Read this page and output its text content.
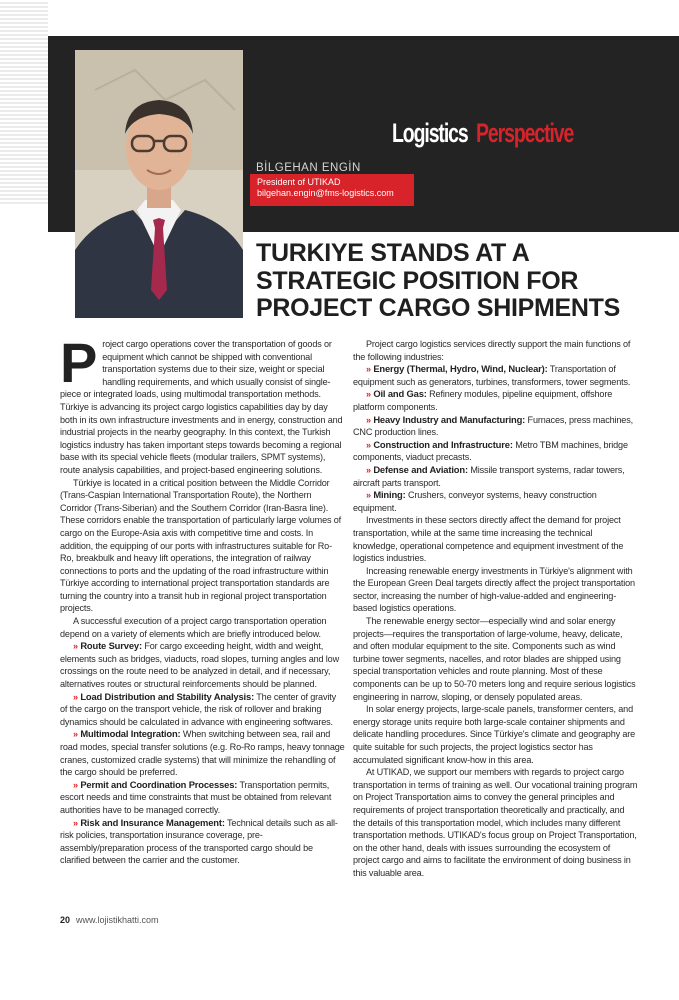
Logistics Perspective
BİLGEHAN ENGİN
President of UTIKAD
bilgehan.engin@fms-logistics.com
TURKIYE STANDS AT A STRATEGIC POSITION FOR PROJECT CARGO SHIPMENTS

Project cargo operations cover the transportation of goods or equipment which cannot be shipped with conventional transportation systems due to their size, weight or special handling requirements, and which usually consist of single-piece or integrated loads, using multimodal transportation methods. Türkiye is advancing its project cargo logistics capabilities day by day both in its own infrastructure investments and in energy, construction and industrial projects in the nearby geography. In this context, the Turkish logistics industry has taken important steps towards becoming a regional base with its special vehicle fleets (modular trailers, SPMT systems), route analysis capabilities, and project-based engineering solutions.

Türkiye is located in a critical position between the Middle Corridor (Trans-Caspian International Transportation Route), the Northern Corridor (Trans-Siberian) and the Southern Corridor (Iran-Basra line). These corridors enable the transportation of particularly large volumes of cargo on the Europe-Asia axis with competitive time and costs. In addition, the equipping of our ports with infrastructures suitable for Ro-Ro, breakbulk and heavy lift operations, the integration of railway connections to ports and the updating of the road infrastructure within Türkiye according to international project transportation standards are turning the country into a transit hub in regional project transportation projects.

A successful execution of a project cargo transportation operation depend on a variety of elements which are briefly introduced below.

» Route Survey: For cargo exceeding height, width and weight, elements such as bridges, viaducts, road slopes, turning angles and low crossings on the route need to be analyzed in detail, and if necessary, alternatives routes or structural reinforcements should be planned.

» Load Distribution and Stability Analysis: The center of gravity of the cargo on the transport vehicle, the risk of rollover and braking dynamics should be calculated in advance with engineering softwares.

» Multimodal Integration: When switching between sea, rail and road modes, special transfer solutions (e.g. Ro-Ro ramps, heavy tonnage cranes, customized cradle systems) that will minimize the rehandling of the cargo should be preferred.

» Permit and Coordination Processes: Transportation permits, escort needs and time constraints that must be obtained from relevant authorities have to be managed correctly.

» Risk and Insurance Management: Technical details such as all-risk policies, transportation insurance coverage, pre-assembly/preparation process of the transported cargo should be clarified between the carrier and the customer.

Project cargo logistics services directly support the main functions of the following industries:

» Energy (Thermal, Hydro, Wind, Nuclear): Transportation of equipment such as generators, turbines, transformers, tower segments.

» Oil and Gas: Refinery modules, pipeline equipment, offshore platform components.

» Heavy Industry and Manufacturing: Furnaces, press machines, CNC production lines.

» Construction and Infrastructure: Metro TBM machines, bridge components, viaduct precasts.

» Defense and Aviation: Missile transport systems, radar towers, aircraft parts transport.

» Mining: Crushers, conveyor systems, heavy construction equipment.

Investments in these sectors directly affect the demand for project transportation, while at the same time increasing the technical knowledge, operational competence and equipment investment of the logistics industries.

Increasing renewable energy investments in Türkiye's alignment with the European Green Deal targets directly affect the project transportation sector, increasing the number of high-value-added and engineering-based logistics operations.

The renewable energy sector—especially wind and solar energy projects—requires the transportation of large-volume, heavy, delicate, and often modular equipment to the site. Components such as wind turbine tower segments, nacelles, and rotor blades are shipped using special transportation vehicles and route planning. Most of these components can be up to 50-70 meters long and require serious logistics engineering in narrow, sloping, or densely populated areas.

In solar energy projects, large-scale panels, transformer centers, and energy storage units require both large-scale container shipments and delicate handling procedures. Since Türkiye's climate and geography are quite suitable for such projects, the project logistics sector has accumulated significant know-how in this area.

At UTIKAD, we support our members with regards to project cargo transportation in terms of training as well. Our vocational training program on Project Transportation aims to convey the general principles and requirements of project transportation theoretically and practically, and the details of this transportation model, which includes many different transportation methods. UTIKAD's focus group on Project Transportation, on the other hand, deals with issues surrounding the ecosystem of project cargo and aims to facilitate the environment of doing business in this valuable area.

20 www.lojistikhatti.com
